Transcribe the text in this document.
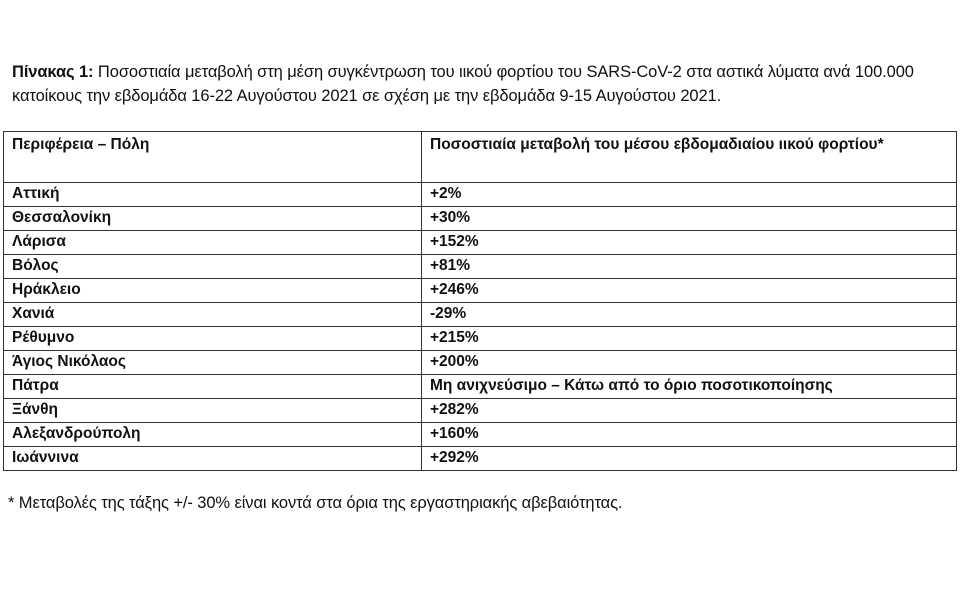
Πίνακας 1: Ποσοστιαία μεταβολή στη μέση συγκέντρωση του ιικού φορτίου του SARS-CoV-2 στα αστικά λύματα ανά 100.000 κατοίκους την εβδομάδα 16-22 Αυγούστου 2021 σε σχέση με την εβδομάδα 9-15 Αυγούστου 2021.
Περιφέρεια – Πόλη	Ποσοστιαία μεταβολή του μέσου εβδομαδιαίου ιικού φορτίου*
Αττική	+2%
Θεσσαλονίκη	+30%
Λάρισα	+152%
Βόλος	+81%
Ηράκλειο	+246%
Χανιά	-29%
Ρέθυμνο	+215%
Άγιος Νικόλαος	+200%
Πάτρα	Μη ανιχνεύσιμο – Κάτω από το όριο ποσοτικοποίησης
Ξάνθη	+282%
Αλεξανδρούπολη	+160%
Ιωάννινα	+292%
* Μεταβολές της τάξης +/- 30% είναι κοντά στα όρια της εργαστηριακής αβεβαιότητας.
